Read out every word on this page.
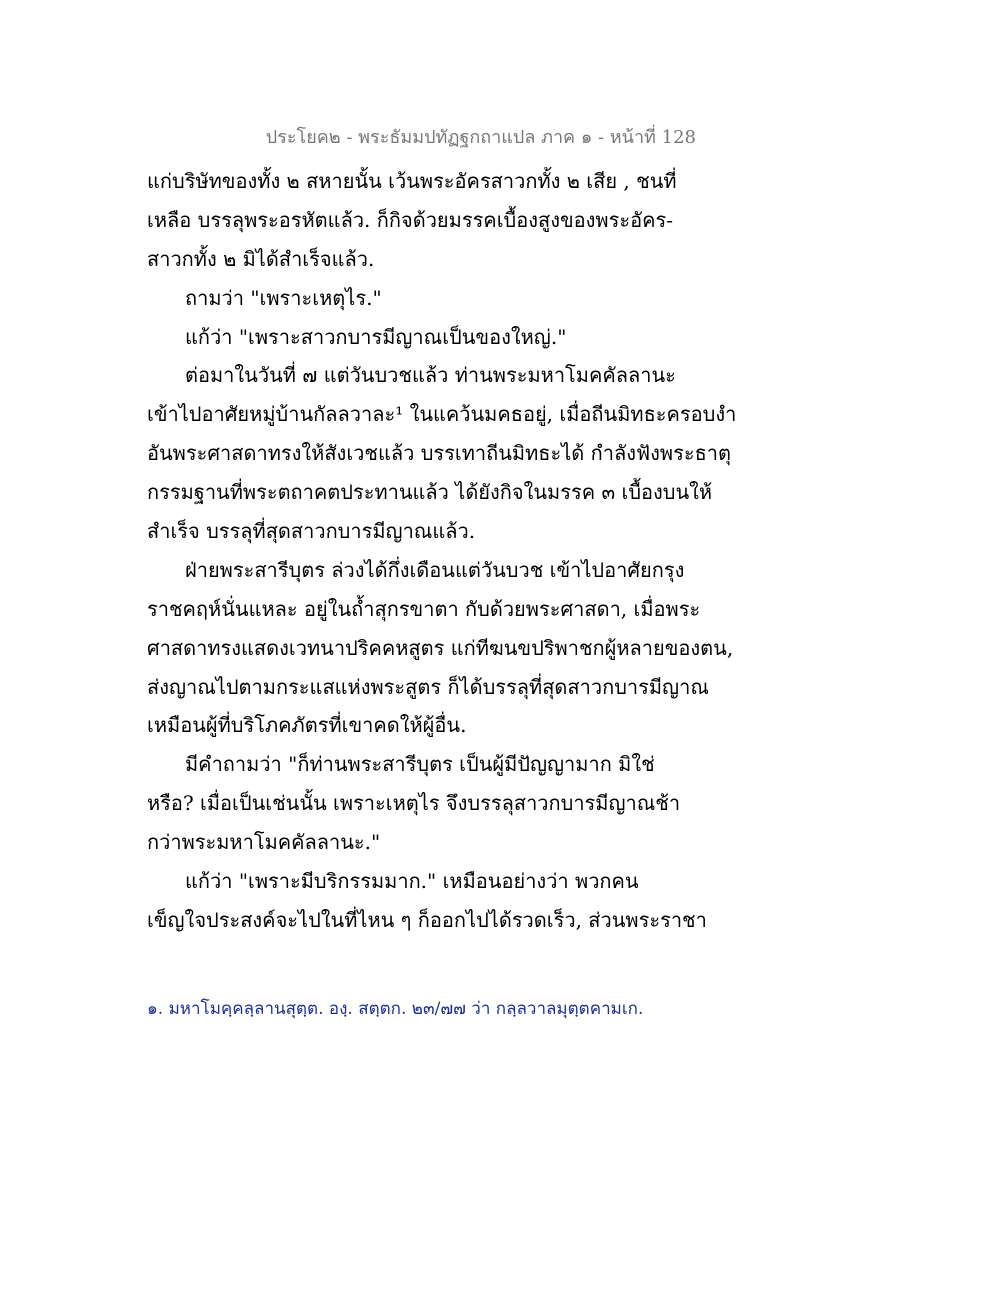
ประโยค๒ - พระธัมมปทัฏฐกถาแปล ภาค ๑ - หน้าที่ 128
แก่บริษัทของทั้ง ๒ สหายนั้น เว้นพระอัครสาวกทั้ง ๒ เสีย , ชนที่
เหลือ บรรลุพระอรหัตแล้ว. ก็กิจด้วยมรรคเบื้องสูงของพระอัคร-
สาวกทั้ง ๒ มิได้สำเร็จแล้ว.
ถามว่า "เพราะเหตุไร."
แก้ว่า "เพราะสาวกบารมีญาณเป็นของใหญ่."
ต่อมาในวันที่ ๗ แต่วันบวชแล้ว ท่านพระมหาโมคคัลลานะ
เข้าไปอาศัยหมู่บ้านกัลลวาละ¹ ในแคว้นมคธอยู่, เมื่อถีนมิทธะครอบงำ
อันพระศาสดาทรงให้สังเวชแล้ว บรรเทาถีนมิทธะได้ กำลังฟังพระธาตุ
กรรมฐานที่พระตถาคตประทานแล้ว ได้ยังกิจในมรรค ๓ เบื้องบนให้
สำเร็จ บรรลุที่สุดสาวกบารมีญาณแล้ว.
ฝ่ายพระสารีบุตร ล่วงได้กึ่งเดือนแต่วันบวช เข้าไปอาศัยกรุง
ราชคฤห์นั่นแหละ อยู่ในถ้ำสุกรขาตา กับด้วยพระศาสดา, เมื่อพระ
ศาสดาทรงแสดงเวทนาปริคคหสูตร แก่ทีฆนขปริพาชกผู้หลายของตน,
ส่งญาณไปตามกระแสแห่งพระสูตร ก็ได้บรรลุที่สุดสาวกบารมีญาณ
เหมือนผู้ที่บริโภคภัตรที่เขาคดให้ผู้อื่น.
มีคำถามว่า "ก็ท่านพระสารีบุตร เป็นผู้มีปัญญามาก มิใช่
หรือ? เมื่อเป็นเช่นนั้น เพราะเหตุไร จึงบรรลุสาวกบารมีญาณช้า
กว่าพระมหาโมคคัลลานะ."
แก้ว่า "เพราะมีบริกรรมมาก." เหมือนอย่างว่า พวกคน
เข็ญใจประสงค์จะไปในที่ไหน ๆ ก็ออกไปได้รวดเร็ว, ส่วนพระราชา
๑. มหาโมคฺคลฺลานสุตฺต. องฺ. สตฺตก. ๒๓/๗๗ ว่า กลฺลวาลมุตฺตคามเก.
